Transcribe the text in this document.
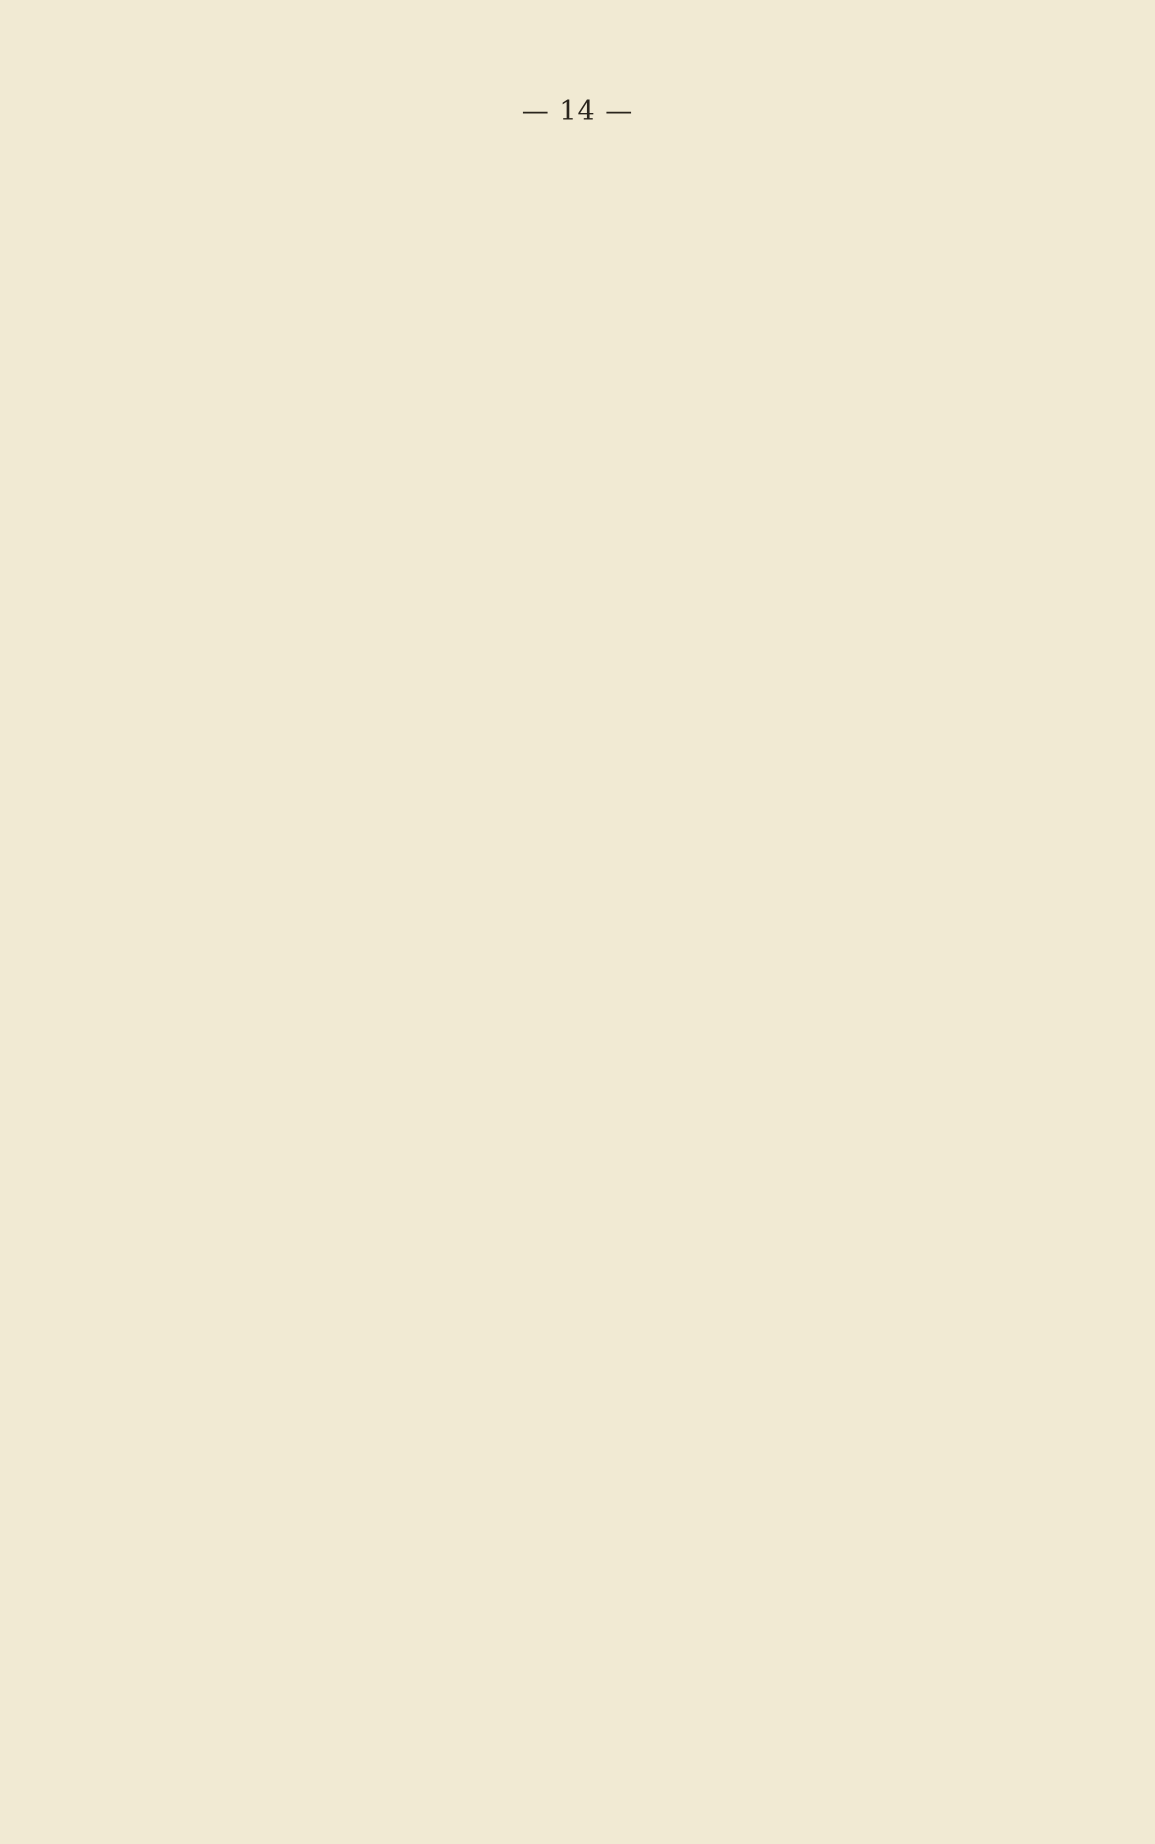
— 14 —
